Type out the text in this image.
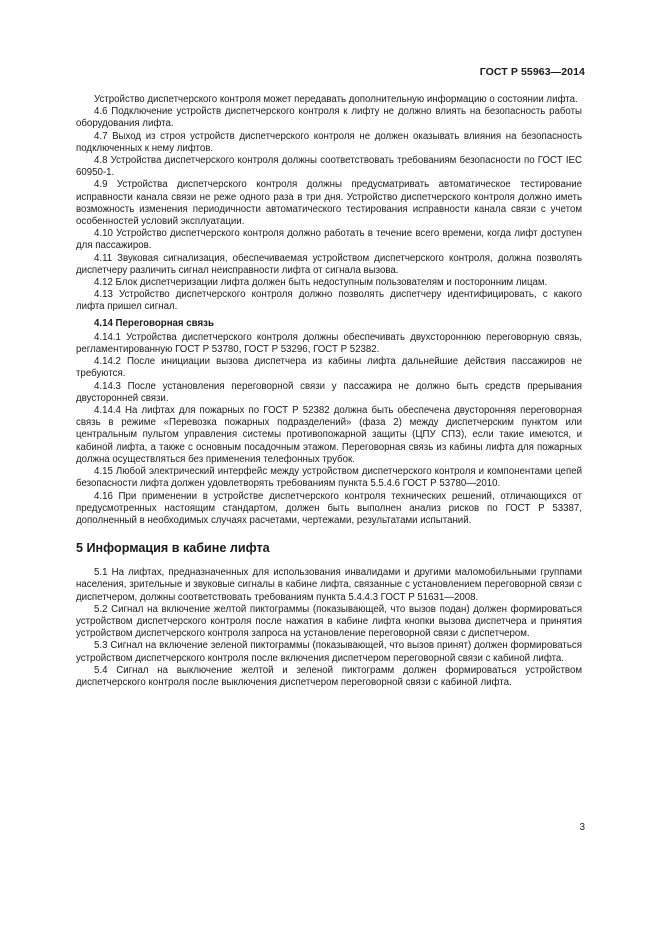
ГОСТ Р 55963—2014

Устройство диспетчерского контроля может передавать дополнительную информацию о состоянии лифта.

4.6 Подключение устройств диспетчерского контроля к лифту не должно влиять на безопасность работы оборудования лифта.

4.7 Выход из строя устройств диспетчерского контроля не должен оказывать влияния на безопасность подключенных к нему лифтов.

4.8 Устройства диспетчерского контроля должны соответствовать требованиям безопасности по ГОСТ IEC 60950-1.

4.9 Устройства диспетчерского контроля должны предусматривать автоматическое тестирование исправности канала связи не реже одного раза в три дня. Устройство диспетчерского контроля должно иметь возможность изменения периодичности автоматического тестирования исправности канала связи с учетом особенностей условий эксплуатации.

4.10 Устройство диспетчерского контроля должно работать в течение всего времени, когда лифт доступен для пассажиров.

4.11 Звуковая сигнализация, обеспечиваемая устройством диспетчерского контроля, должна позволять диспетчеру различить сигнал неисправности лифта от сигнала вызова.

4.12 Блок диспетчеризации лифта должен быть недоступным пользователям и посторонним лицам.

4.13 Устройство диспетчерского контроля должно позволять диспетчеру идентифицировать, с какого лифта пришел сигнал.

4.14 Переговорная связь

4.14.1 Устройства диспетчерского контроля должны обеспечивать двухстороннюю переговорную связь, регламентированную ГОСТ Р 53780, ГОСТ Р 53296, ГОСТ Р 52382.

4.14.2 После инициации вызова диспетчера из кабины лифта дальнейшие действия пассажиров не требуются.

4.14.3 После установления переговорной связи у пассажира не должно быть средств прерывания двусторонней связи.

4.14.4 На лифтах для пожарных по ГОСТ Р 52382 должна быть обеспечена двусторонняя переговорная связь в режиме «Перевозка пожарных подразделений» (фаза 2) между диспетчерским пунктом или центральным пультом управления системы противопожарной защиты (ЦПУ СПЗ), если такие имеются, и кабиной лифта, а также с основным посадочным этажом. Переговорная связь из кабины лифта для пожарных должна осуществляться без применения телефонных трубок.

4.15 Любой электрический интерфейс между устройством диспетчерского контроля и компонентами цепей безопасности лифта должен удовлетворять требованиям пункта 5.5.4.6 ГОСТ Р 53780—2010.

4.16 При применении в устройстве диспетчерского контроля технических решений, отличающихся от предусмотренных настоящим стандартом, должен быть выполнен анализ рисков по ГОСТ Р 53387, дополненный в необходимых случаях расчетами, чертежами, результатами испытаний.

5 Информация в кабине лифта

5.1 На лифтах, предназначенных для использования инвалидами и другими маломобильными группами населения, зрительные и звуковые сигналы в кабине лифта, связанные с установлением переговорной связи с диспетчером, должны соответствовать требованиям пункта 5.4.4.3 ГОСТ Р 51631—2008.

5.2 Сигнал на включение желтой пиктограммы (показывающей, что вызов подан) должен формироваться устройством диспетчерского контроля после нажатия в кабине лифта кнопки вызова диспетчера и принятия устройством диспетчерского контроля запроса на установление переговорной связи с диспетчером.

5.3 Сигнал на включение зеленой пиктограммы (показывающей, что вызов принят) должен формироваться устройством диспетчерского контроля после включения диспетчером переговорной связи с кабиной лифта.

5.4 Сигнал на выключение желтой и зеленой пиктограмм должен формироваться устройством диспетчерского контроля после выключения диспетчером переговорной связи с кабиной лифта.

3
